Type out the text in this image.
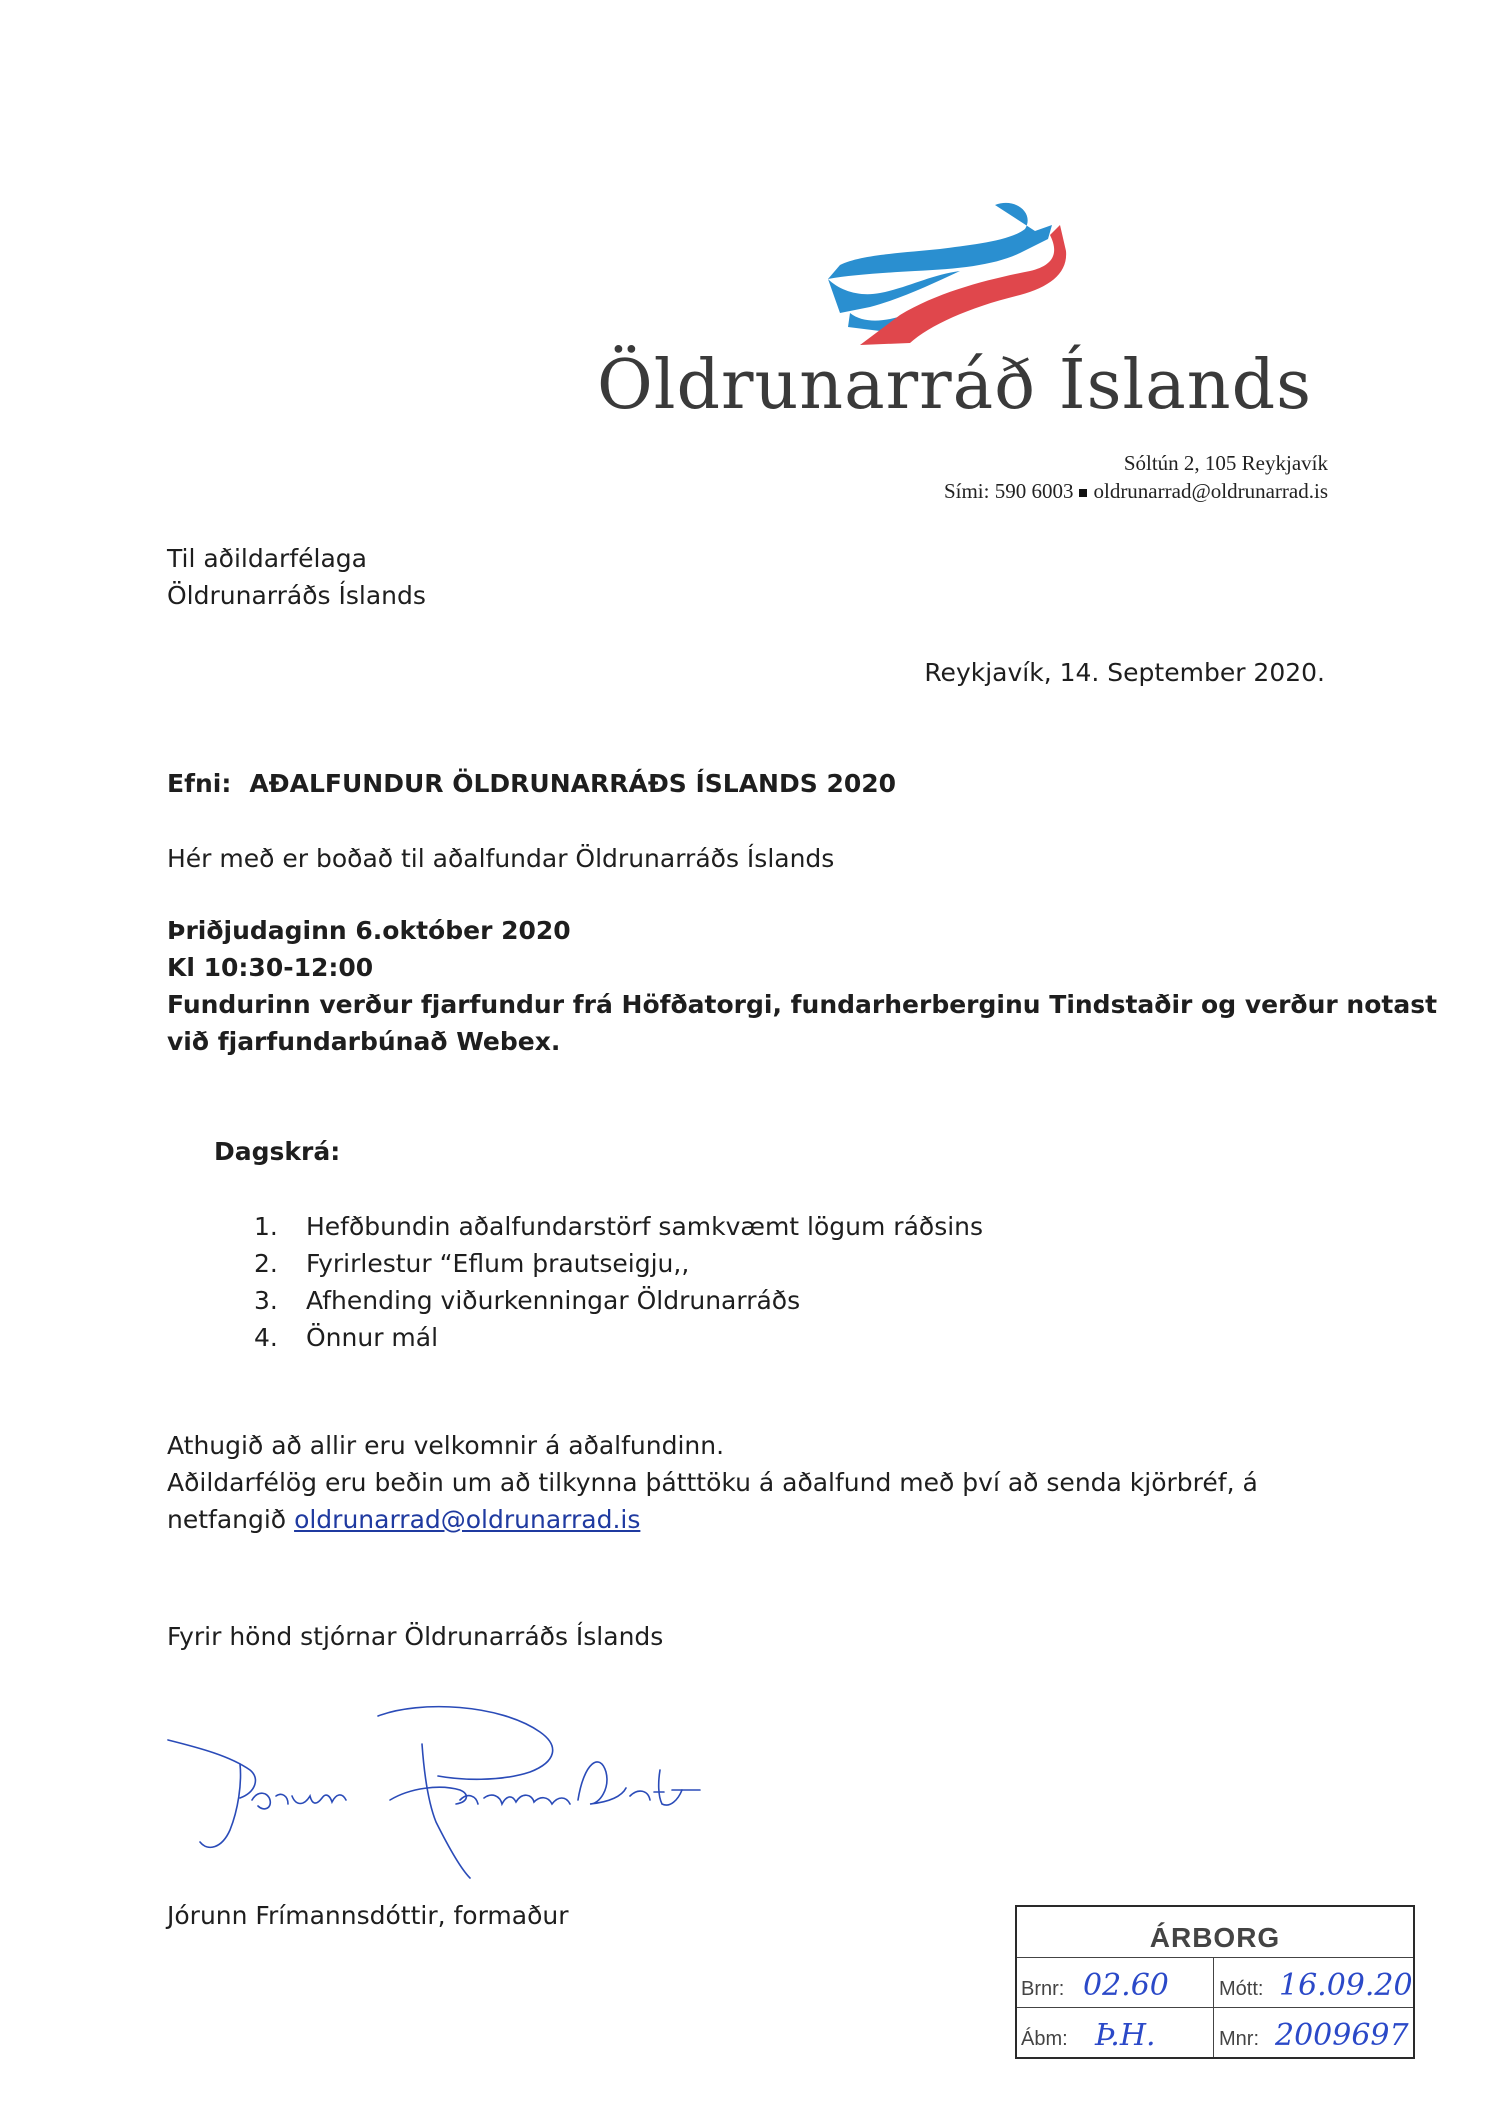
Öldrunarráð Íslands
Sóltún 2, 105 Reykjavík
Sími: 590 6003 oldrunarrad@oldrunarrad.is
Til aðildarfélaga
Öldrunarráðs Íslands
Reykjavík, 14. September 2020.
Efni: AÐALFUNDUR ÖLDRUNARRÁÐS ÍSLANDS 2020
Hér með er boðað til aðalfundar Öldrunarráðs Íslands
Þriðjudaginn 6.október 2020
Kl 10:30-12:00
Fundurinn verður fjarfundur frá Höfðatorgi, fundarherberginu Tindstaðir og verður notast
við fjarfundarbúnað Webex.
Dagskrá:
1. Hefðbundin aðalfundarstörf samkvæmt lögum ráðsins
2. Fyrirlestur “Eflum þrautseigju,,
3. Afhending viðurkenningar Öldrunarráðs
4. Önnur mál
Athugið að allir eru velkomnir á aðalfundinn.
Aðildarfélög eru beðin um að tilkynna þátttöku á aðalfund með því að senda kjörbréf, á
netfangið oldrunarrad@oldrunarrad.is
Fyrir hönd stjórnar Öldrunarráðs Íslands
Jórunn Frímannsdóttir, formaður
ÁRBORG
Brnr: 02.60	Mótt: 16.09.20
Ábm: Þ.H.	Mnr: 2009697
